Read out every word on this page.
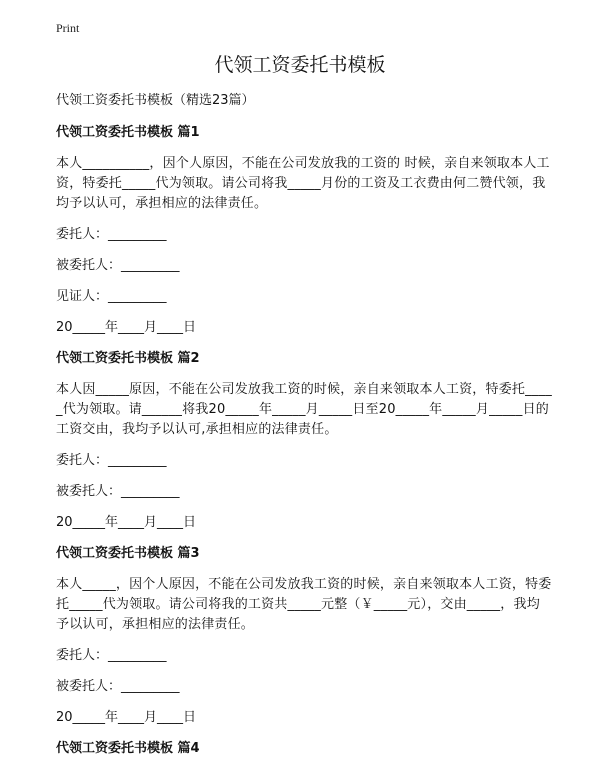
Print
代领工资委托书模板
代领工资委托书模板（精选23篇）
代领工资委托书模板 篇1

本人__________，因个人原因，不能在公司发放我的工资的 时候，亲自来领取本人工资，特委托_____代为领取。请公司将我_____月份的工资及工衣费由何二赞代领，我均予以认可，承担相应的法律责任。

委托人：_________
被委托人：_________
见证人：_________
20_____年____月____日
代领工资委托书模板 篇2

本人因_____原因，不能在公司发放我工资的时候，亲自来领取本人工资，特委托_____代为领取。请______将我20_____年_____月_____日至20_____年_____月_____日的工资交由，我均予以认可,承担相应的法律责任。

委托人：_________
被委托人：_________
20_____年____月____日
代领工资委托书模板 篇3

本人_____，因个人原因，不能在公司发放我工资的时候，亲自来领取本人工资，特委托_____代为领取。请公司将我的工资共_____元整（￥_____元），交由_____，我均予以认可，承担相应的法律责任。

委托人：_________
被委托人：_________
20_____年____月____日
代领工资委托书模板 篇4
